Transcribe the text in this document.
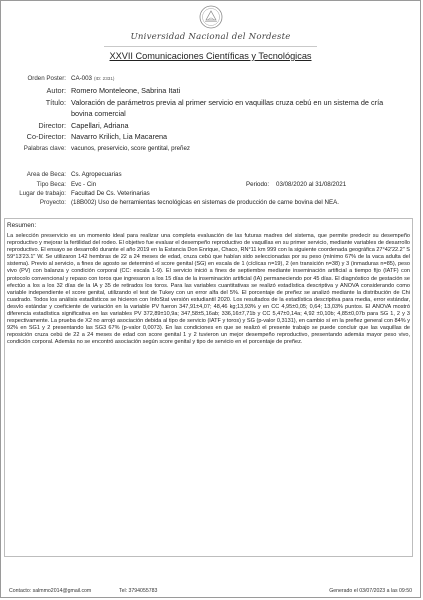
Universidad Nacional del Nordeste
XXVII Comunicaciones Científicas y Tecnológicas
Orden Poster: CA-003 (ID: 2331)
Autor: Romero Monteleone, Sabrina Itati
Título: Valoración de parámetros previa al primer servicio en vaquillas cruza cebú en un sistema de cría
bovina comercial
Director: Capellari, Adriana
Co-Director: Navarro Krilich, Lia Macarena
Palabras clave: vacunos, preservicio, score gentital, preñez
Area de Beca: Cs. Agropecuarias
Tipo Beca: Evc - Cin	Periodo: 03/08/2020 al 31/08/2021
Lugar de trabajo: Facultad De Cs. Veterinarias
Proyecto: (18B002) Uso de herramientas tecnológicas en sistemas de producción de carne bovina del NEA.
Resumen:
La selección preservicio es un momento ideal para realizar una completa evaluación de las futuras madres del sistema, que permite predecir su desempeño reproductivo y mejorar la fertilidad del rodeo. El objetivo fue evaluar el desempeño reproductivo de vaquillas en su primer servicio, mediante variables de desarrollo reproductivo. El ensayo se desarrolló durante el año 2019 en la Estancia Don Enrique, Chaco, RN°11 km 999 con la siguiente coordenada geográfica 27°42'22.2" S 59°13'23.1" W. Se utilizaron 142 hembras de 22 a 24 meses de edad, cruza cebú que habían sido seleccionadas por su peso (mínimo 67% de la vaca adulta del sistema). Previo al servicio, a fines de agosto se determinó el score genital (SG) en escala de 1 (cíclicas n=19), 2 (en transición n=38) y 3 (inmaduras n=85), peso vivo (PV) con balanza y condición corporal (CC: escala 1-9). El servicio inició a fines de septiembre mediante inseminación artificial a tiempo fijo (IATF) con protocolo convencional y repaso con toros que ingresaron a los 15 días de la inseminación artificial (IA) permaneciendo por 45 días. El diagnóstico de gestación se efectúo a los a los 32 días de la IA y 35 de retirados los toros. Para las variables cuantitativas se realizó estadística descriptiva y ANOVA considerando como variable independiente el score genital, utilizando el test de Tukey con un error alfa del 5%. El porcentaje de preñez se analizó mediante la distribución de Chi cuadrado. Todos los análisis estadísticos se hicieron con InfoStat versión estudiantil 2020. Los resultados de la estadística descriptiva para media, error estándar, desvío estándar y coeficiente de variación en la variable PV fueron 347,91±4,07; 48,46 kg;13,93% y en CC 4,95±0,05; 0,64; 13,03% puntos. El ANOVA mostró diferencia estadística significativa en las variables PV 372,89±10,9a; 347,58±5,16ab; 336,16±7,71b y CC 5,47±0,14a; 4,92 ±0,10b; 4,85±0,07b para SG 1, 2 y 3 respectivamente. La prueba de X2 no arrojó asociación debida al tipo de servicio (IATF y toros) y SG (p-valor 0,3131), en cambio sí en la preñez general con 84% y 92% en SG1 y 2 presentando las SG3 67% (p-valor 0,0073). En las condiciones en que se realizó el presente trabajo se puede concluir que las vaquillas de reposición cruza cebú de 22 a 24 meses de edad con score genital 1 y 2 tuvieron un mejor desempeño reproductivo, presentando además mayor peso vivo, condición corporal. Además no se encontró asociación según score genital y tipo de servicio en el porcentaje de preñez.
Contacto: salmmo2014@gmail.com	Tel: 3794055783	Generado el 03/07/2023 a las 09:50
